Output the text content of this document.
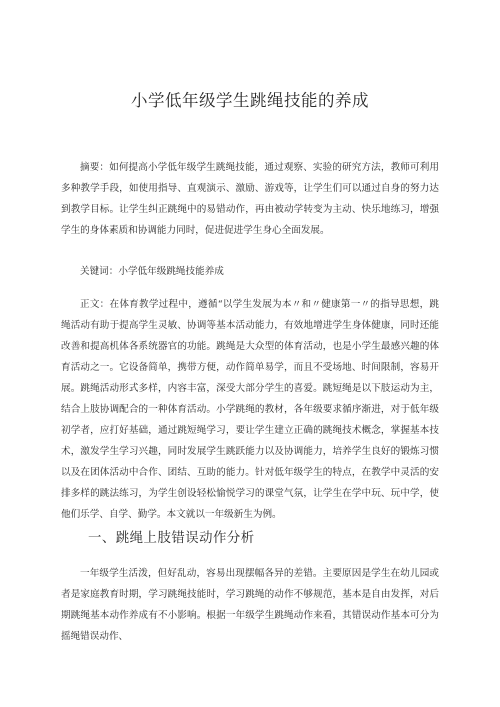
小学低年级学生跳绳技能的养成

摘要：如何提高小学低年级学生跳绳技能，通过观察、实验的研究方法，教师可利用多种教学手段，如使用指导、直观演示、激励、游戏等，让学生们可以通过自身的努力达到教学目标。让学生纠正跳绳中的易错动作，再由被动学转变为主动、快乐地练习，增强学生的身体素质和协调能力同时，促进促进学生身心全面发展。

关键词：小学低年级跳绳技能养成

正文：在体育教学过程中，遵循“以学生发展为本〃和〃健康第一〃的指导思想，跳绳活动有助于提高学生灵敏、协调等基本活动能力，有效地增进学生身体健康，同时还能改善和提高机体各系统器官的功能。跳绳是大众型的体育活动，也是小学生最感兴趣的体育活动之一。它设备简单，携带方便，动作简单易学，而且不受场地、时间限制，容易开展。跳绳活动形式多样，内容丰富，深受大部分学生的喜爱。跳短绳是以下肢运动为主，结合上肢协调配合的一种体育活动。小学跳绳的教材，各年级要求循序渐进，对于低年级初学者，应打好基础，通过跳短绳学习，要让学生建立正确的跳绳技术概念，掌握基本技术，激发学生学习兴趣，同时发展学生跳跃能力以及协调能力，培养学生良好的锻炼习惯以及在团体活动中合作、团结、互助的能力。针对低年级学生的特点，在教学中灵活的安排多样的跳法练习，为学生创设轻松愉悦学习的课堂气氛，让学生在学中玩、玩中学，使他们乐学、自学、勤学。本文就以一年级新生为例。

一、跳绳上肢错误动作分析

一年级学生活泼，但好乱动，容易出现摆幅各异的差错。主要原因是学生在幼儿园或者是家庭教育时期，学习跳绳技能时，学习跳绳的动作不够规范，基本是自由发挥，对后期跳绳基本动作养成有不小影响。根据一年级学生跳绳动作来看，其错误动作基本可分为摇绳错误动作、
